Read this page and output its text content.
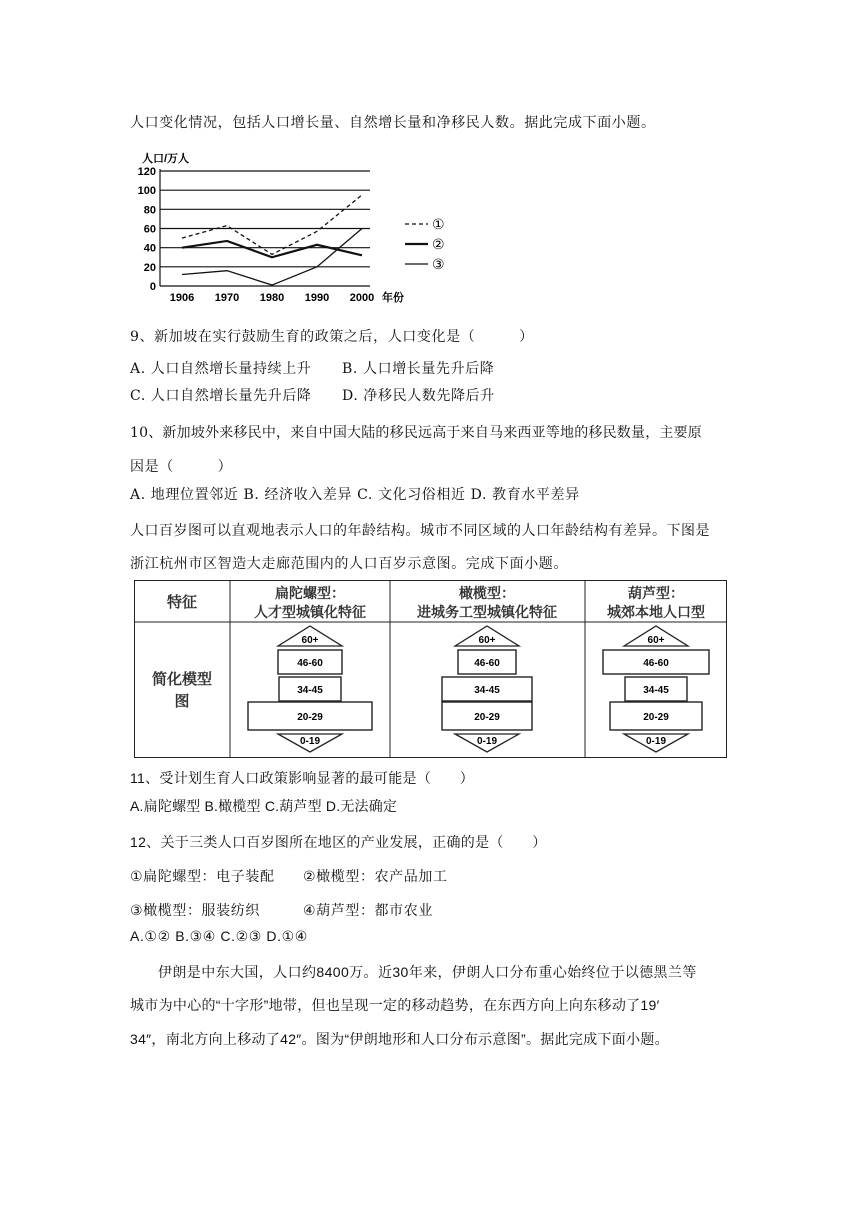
人口变化情况，包括人口增长量、自然增长量和净移民人数。据此完成下面小题。
人口/万人
0
20
40
60
80
100
120
1906 1970 1980 1990 2000 年份
①
②
③
9、新加坡在实行鼓励生育的政策之后，人口变化是（　　　）
A. 人口自然增长量持续上升 B. 人口增长量先升后降
C. 人口自然增长量先升后降 D. 净移民人数先降后升
10、新加坡外来移民中，来自中国大陆的移民远高于来自马来西亚等地的移民数量，主要原
因是（　　　）
A. 地理位置邻近 B. 经济收入差异 C. 文化习俗相近 D. 教育水平差异
人口百岁图可以直观地表示人口的年龄结构。城市不同区域的人口年龄结构有差异。下图是
浙江杭州市区智造大走廊范围内的人口百岁示意图。完成下面小题。
特征
简化模型
图
扁陀螺型：
人才型城镇化特征
橄榄型：
进城务工型城镇化特征
葫芦型：
城郊本地人口型
60+
46-60
34-45
20-29
0-19
60+
46-60
34-45
20-29
0-19
60+
46-60
34-45
20-29
0-19
11、受计划生育人口政策影响显著的最可能是（　　）
A.扁陀螺型 B.橄榄型 C.葫芦型 D.无法确定
12、关于三类人口百岁图所在地区的产业发展，正确的是（　　）
①扁陀螺型：电子装配 ②橄榄型：农产品加工
③橄榄型：服装纺织	④葫芦型：都市农业
A.①② B.③④ C.②③ D.①④
伊朗是中东大国，人口约8400万。近30年来，伊朗人口分布重心始终位于以德黑兰等
城市为中心的“十字形”地带，但也呈现一定的移动趋势，在东西方向上向东移动了19′
34″，南北方向上移动了42″。图为“伊朗地形和人口分布示意图”。据此完成下面小题。
